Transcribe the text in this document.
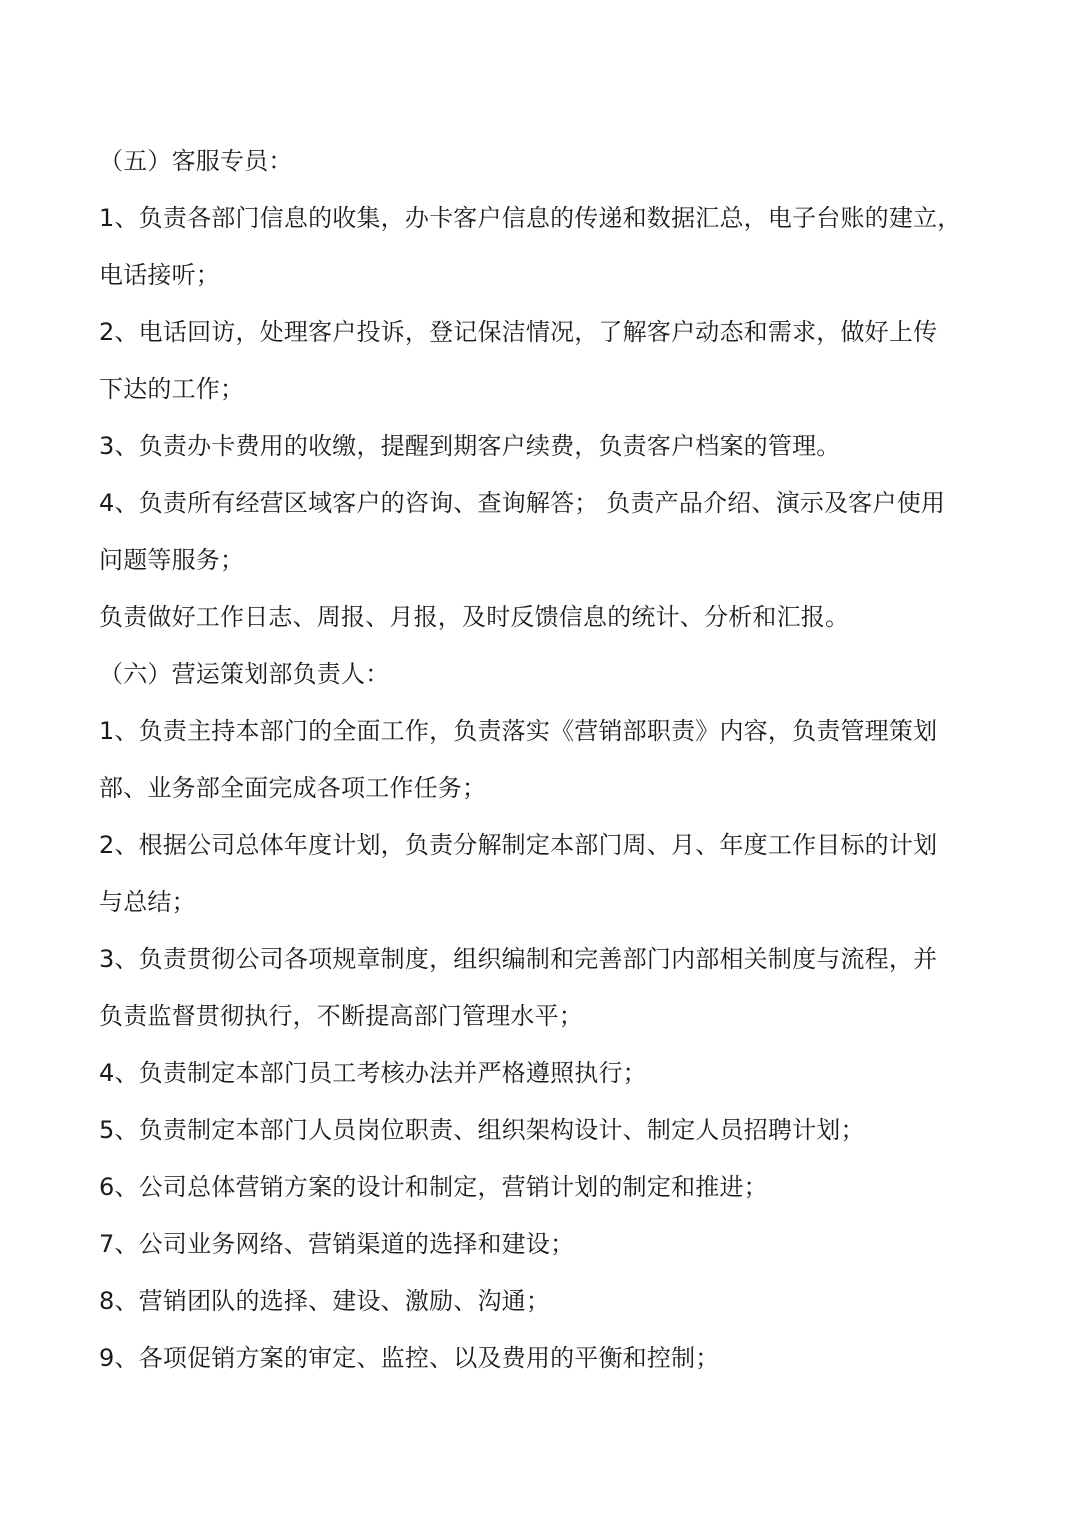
（五）客服专员：
1、负责各部门信息的收集，办卡客户信息的传递和数据汇总，电子台账的建立，
电话接听；
2、电话回访，处理客户投诉，登记保洁情况，了解客户动态和需求，做好上传
下达的工作；
3、负责办卡费用的收缴，提醒到期客户续费，负责客户档案的管理。
4、负责所有经营区域客户的咨询、查询解答； 负责产品介绍、演示及客户使用
问题等服务；
负责做好工作日志、周报、月报，及时反馈信息的统计、分析和汇报。
（六）营运策划部负责人：
1、负责主持本部门的全面工作，负责落实《营销部职责》内容，负责管理策划
部、业务部全面完成各项工作任务；
2、根据公司总体年度计划，负责分解制定本部门周、月、年度工作目标的计划
与总结；
3、负责贯彻公司各项规章制度，组织编制和完善部门内部相关制度与流程，并
负责监督贯彻执行，不断提高部门管理水平；
4、负责制定本部门员工考核办法并严格遵照执行；
5、负责制定本部门人员岗位职责、组织架构设计、制定人员招聘计划；
6、公司总体营销方案的设计和制定，营销计划的制定和推进；
7、公司业务网络、营销渠道的选择和建设；
8、营销团队的选择、建设、激励、沟通；
9、各项促销方案的审定、监控、以及费用的平衡和控制；
